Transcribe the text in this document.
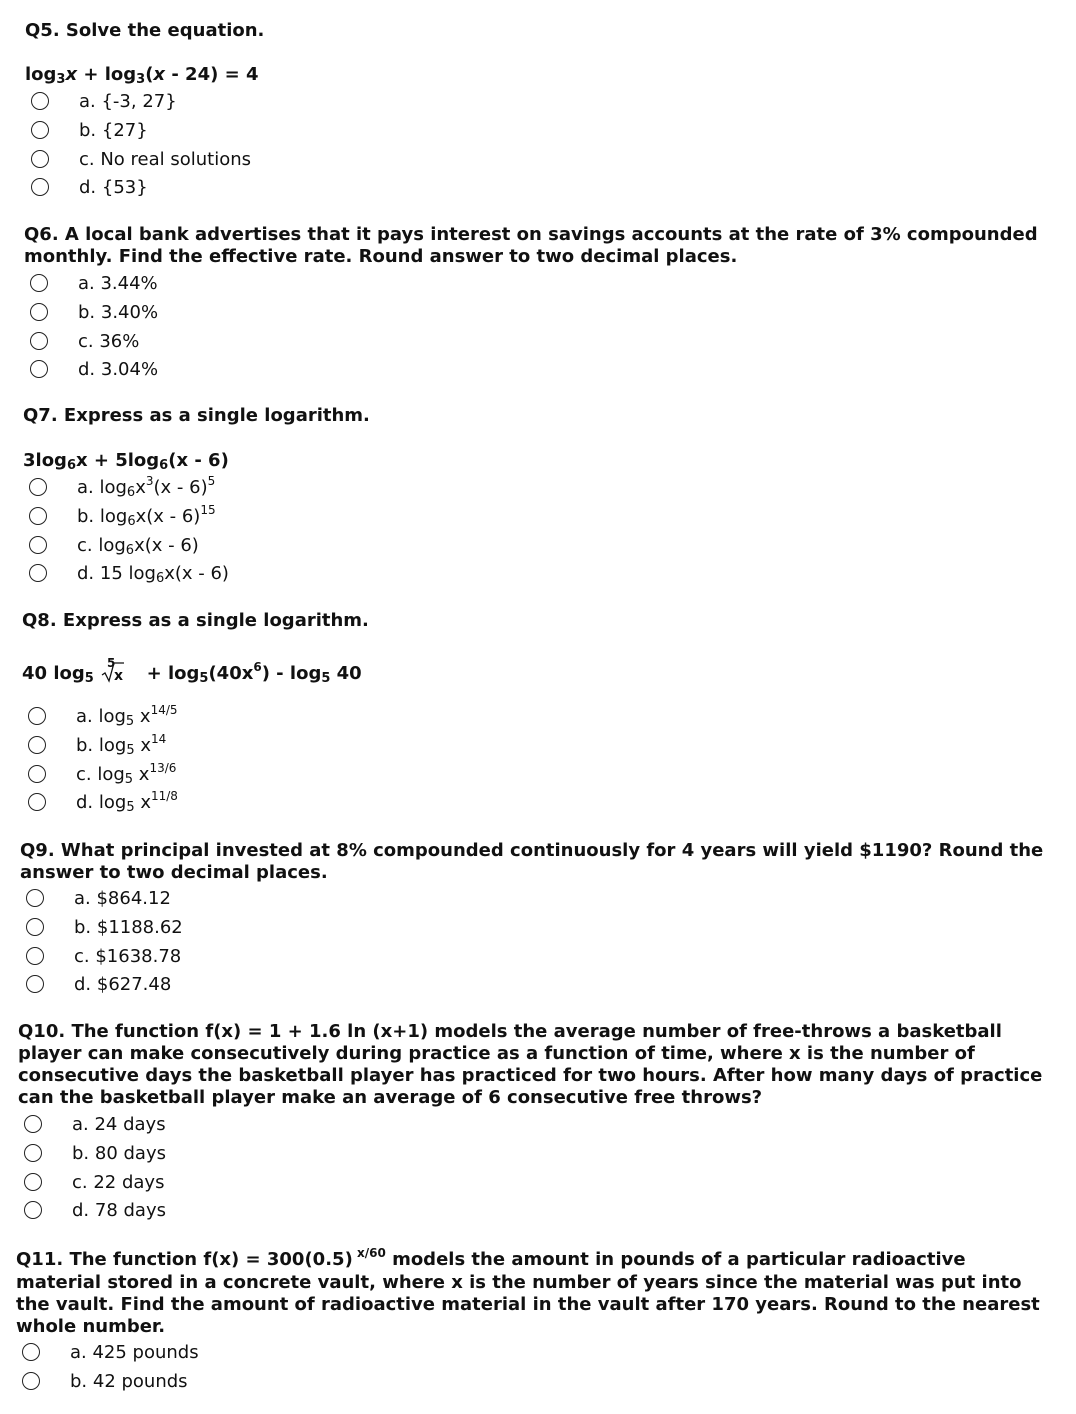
Q5. Solve the equation.
$\log_3x + \log_3(x - 24) = 4$
a. {-3, 27}
b. {27}
c. No real solutions
d. {53}
Q6. A local bank advertises that it pays interest on savings accounts at the rate of 3% compounded monthly. Find the effective rate. Round answer to two decimal places.
a. 3.44%
b. 3.40%
c. 36%
d. 3.04%
Q7. Express as a single logarithm.
$3\log_6x + 5\log_6(x - 6)$
a. $\log_6x^3(x - 6)^5$
b. $\log_6x(x - 6)^{15}$
c. $\log_6x(x - 6)$
d. 15 $\log_6x(x - 6)$
Q8. Express as a single logarithm.
40 $\log_5$
5
$x + \log_5(40x^6) - \log_5 40$
a. $\log_5 x^{14/5}$
b. $\log_5 x^{14}$
c. $\log_5 x^{13/6}$
d. $\log_5 x^{11/8}$
Q9. What principal invested at 8% compounded continuously for 4 years will yield $1190? Round the answer to two decimal places.
a. $864.12
b. $1188.62
c. $1638.78
d. $627.48
Q10. The function f(x) = 1 + 1.6 ln (x+1) models the average number of free-throws a basketball player can make consecutively during practice as a function of time, where x is the number of consecutive days the basketball player has practiced for two hours. After how many days of practice can the basketball player make an average of 6 consecutive free throws?
a. 24 days
b. 80 days
c. 22 days
d. 78 days
Q11. The function f(x) = 300(0.5) $^{x/60}$ models the amount in pounds of a particular radioactive material stored in a concrete vault, where x is the number of years since the material was put into the vault. Find the amount of radioactive material in the vault after 170 years. Round to the nearest whole number.
a. 425 pounds
b. 42 pounds
